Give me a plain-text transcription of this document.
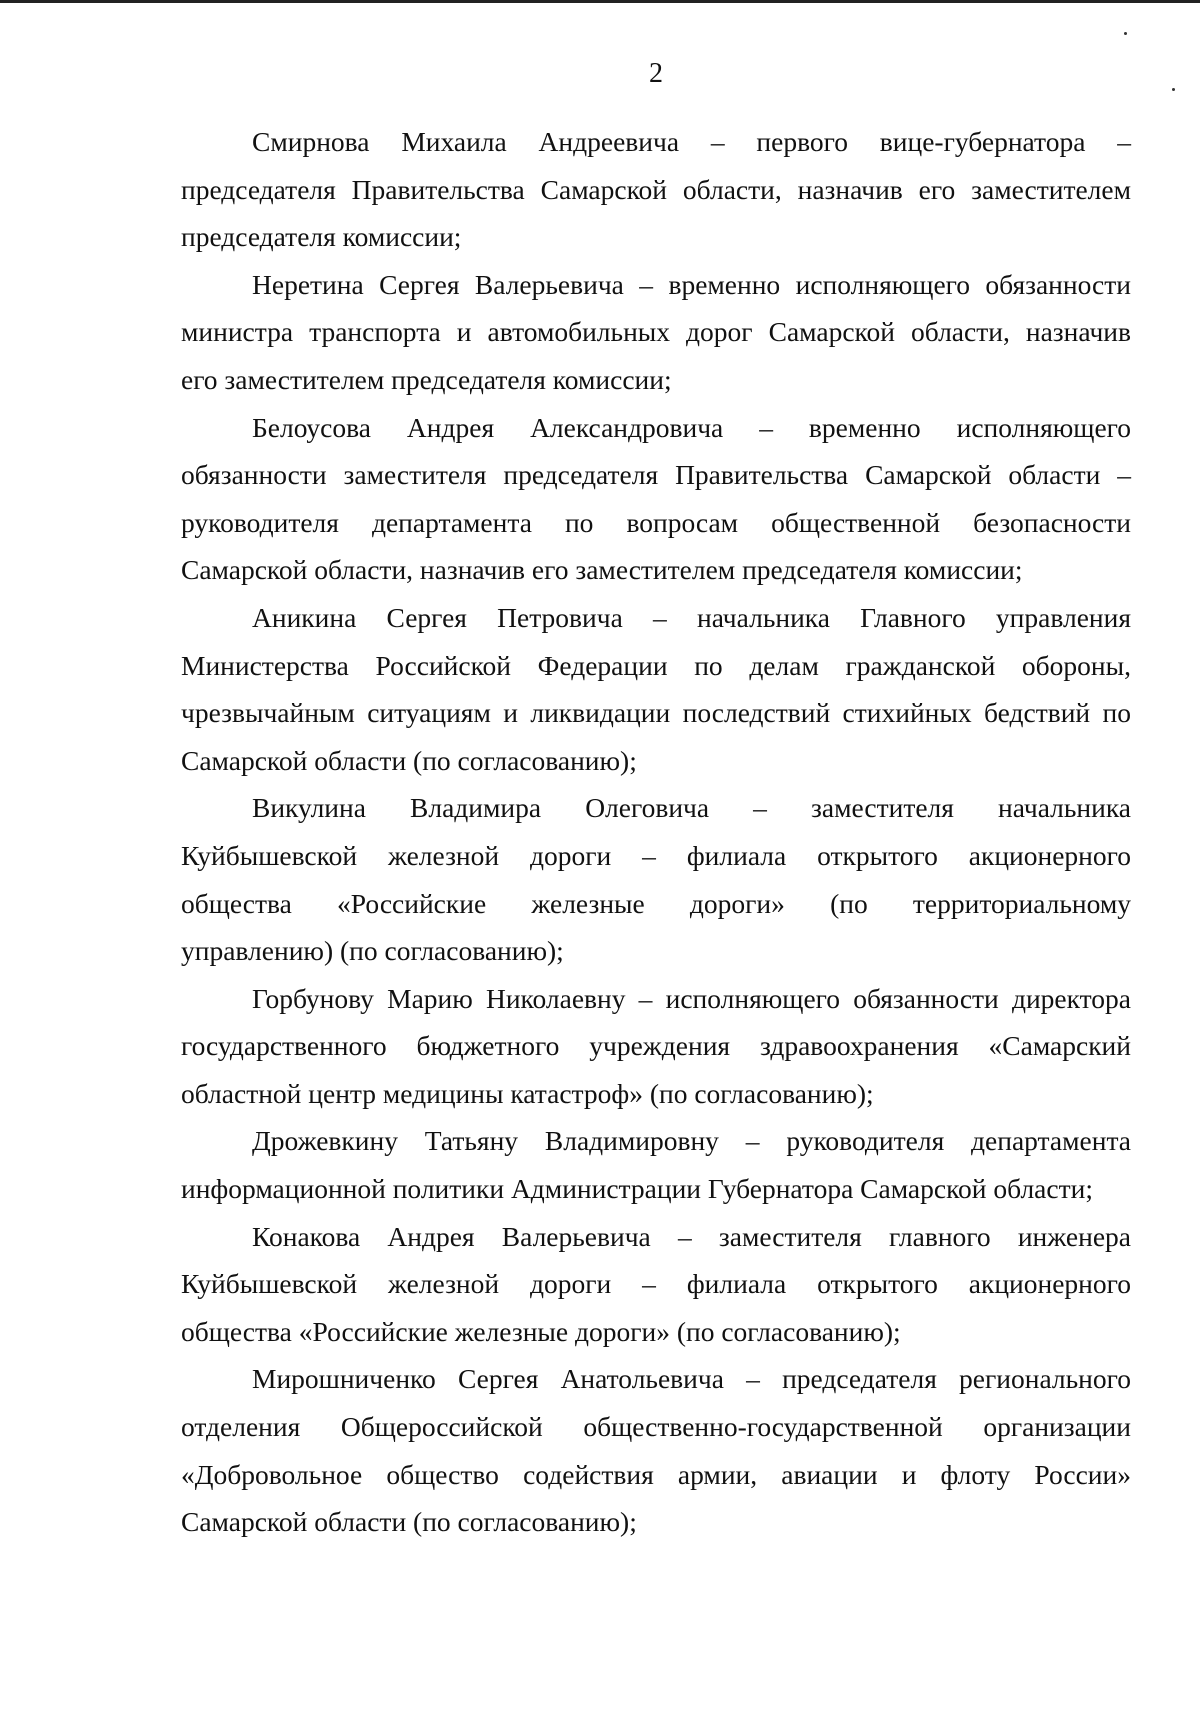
2
Смирнова Михаила Андреевича – первого вице-губернатора –
председателя Правительства Самарской области, назначив его заместителем
председателя комиссии;
Неретина Сергея Валерьевича – временно исполняющего обязанности
министра транспорта и автомобильных дорог Самарской области, назначив
его заместителем председателя комиссии;
Белоусова Андрея Александровича – временно исполняющего
обязанности заместителя председателя Правительства Самарской области –
руководителя департамента по вопросам общественной безопасности
Самарской области, назначив его заместителем председателя комиссии;
Аникина Сергея Петровича – начальника Главного управления
Министерства Российской Федерации по делам гражданской обороны,
чрезвычайным ситуациям и ликвидации последствий стихийных бедствий по
Самарской области (по согласованию);
Викулина Владимира Олеговича – заместителя начальника
Куйбышевской железной дороги – филиала открытого акционерного
общества «Российские железные дороги» (по территориальному
управлению) (по согласованию);
Горбунову Марию Николаевну – исполняющего обязанности директора
государственного бюджетного учреждения здравоохранения «Самарский
областной центр медицины катастроф» (по согласованию);
Дрожевкину Татьяну Владимировну – руководителя департамента
информационной политики Администрации Губернатора Самарской области;
Конакова Андрея Валерьевича – заместителя главного инженера
Куйбышевской железной дороги – филиала открытого акционерного
общества «Российские железные дороги» (по согласованию);
Мирошниченко Сергея Анатольевича – председателя регионального
отделения Общероссийской общественно-государственной организации
«Добровольное общество содействия армии, авиации и флоту России»
Самарской области (по согласованию);
